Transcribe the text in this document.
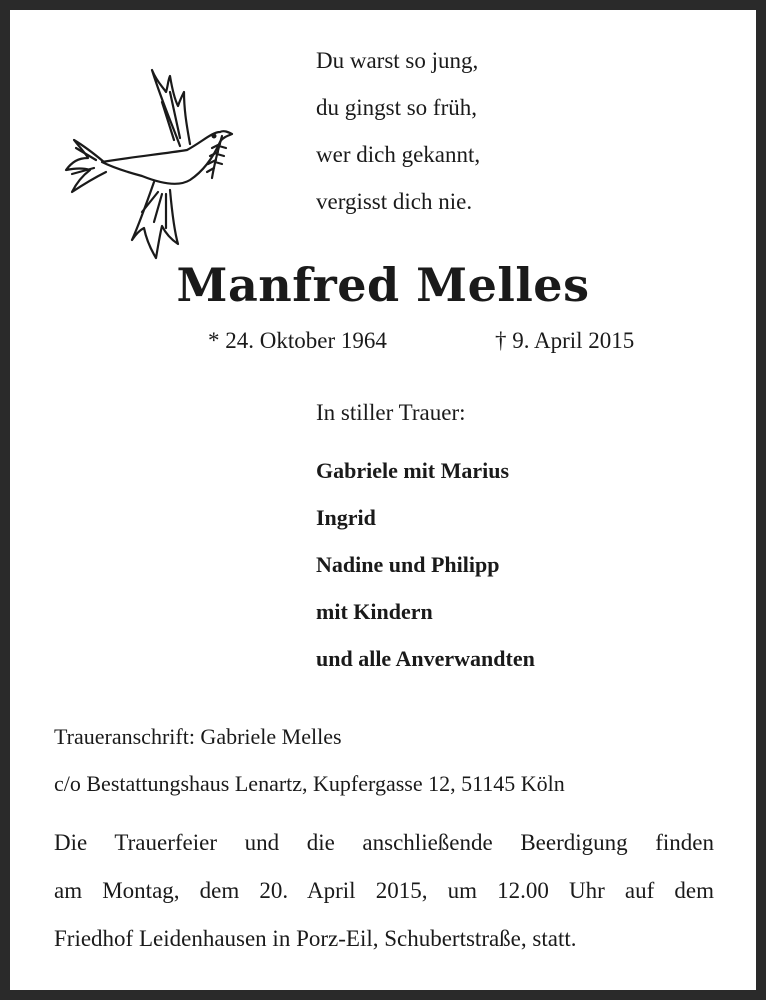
Du warst so jung,
du gingst so früh,
wer dich gekannt,
vergisst dich nie.
Manfred Melles
* 24. Oktober 1964	† 9. April 2015
In stiller Trauer:
Gabriele mit Marius
Ingrid
Nadine und Philipp
mit Kindern
und alle Anverwandten
Traueranschrift: Gabriele Melles
c/o Bestattungshaus Lenartz, Kupfergasse 12, 51145 Köln
Die Trauerfeier und die anschließende Beerdigung finden
am Montag, dem 20. April 2015, um 12.00 Uhr auf dem
Friedhof Leidenhausen in Porz-Eil, Schubertstraße, statt.
